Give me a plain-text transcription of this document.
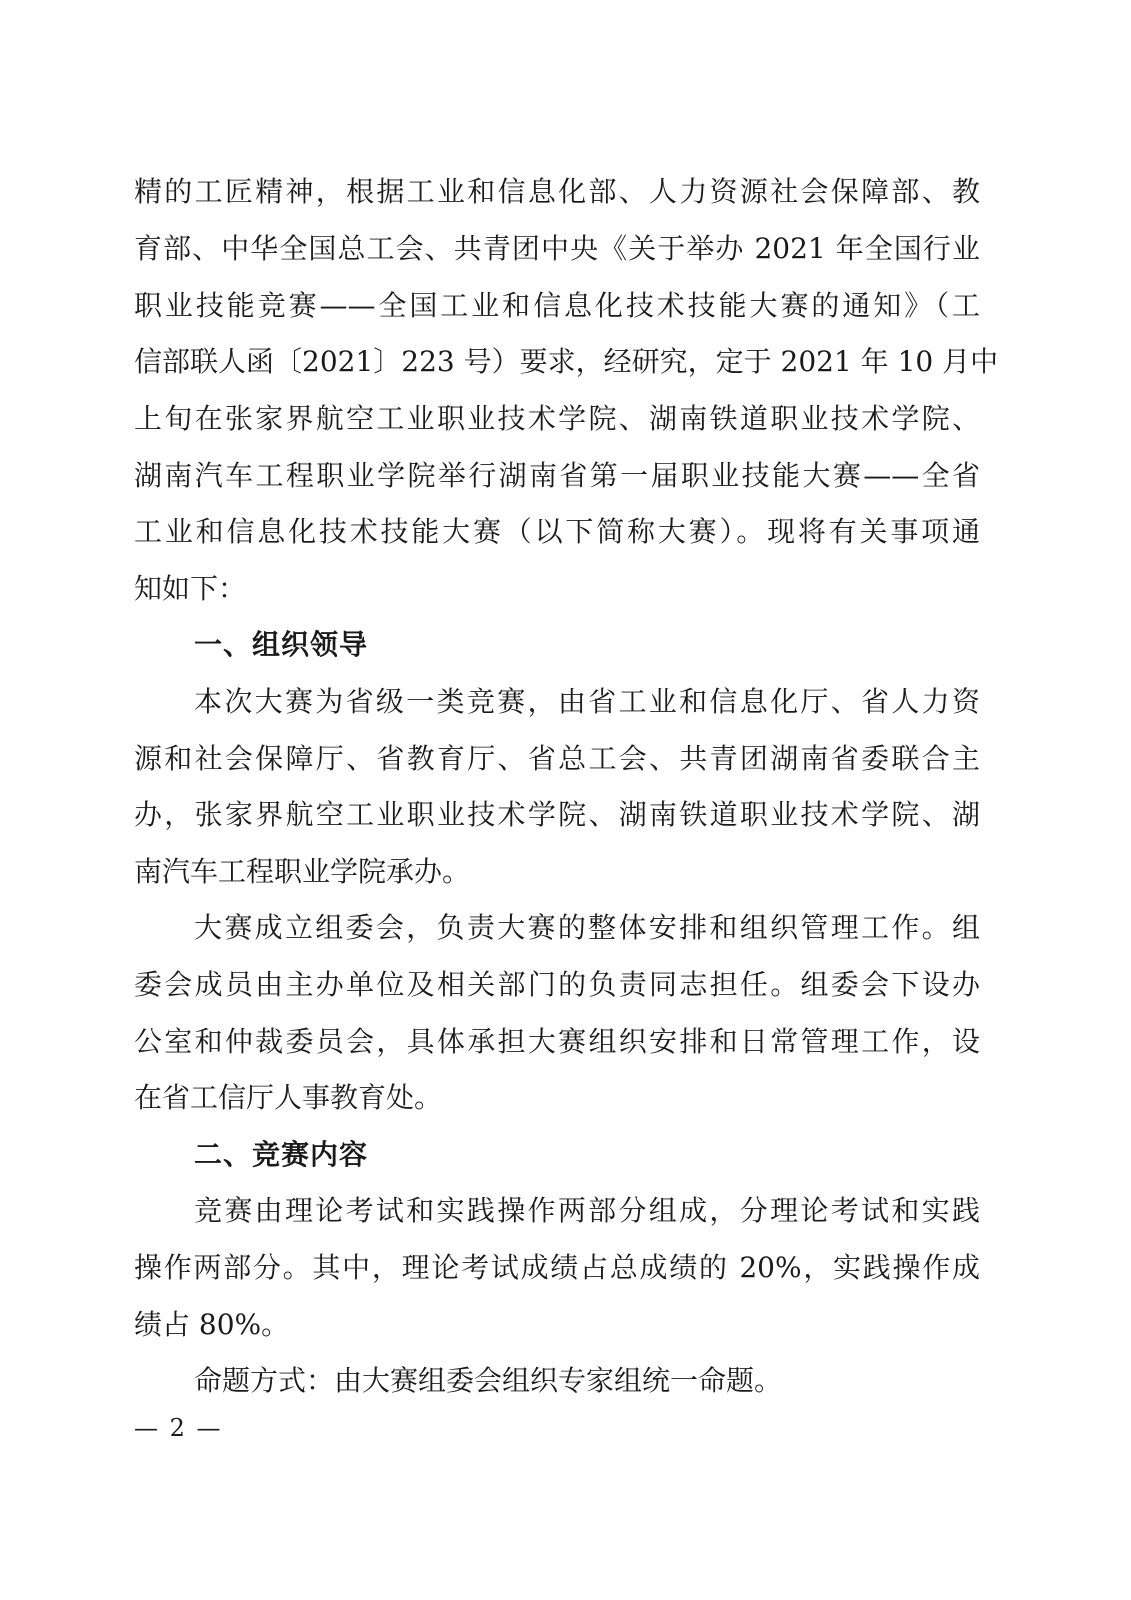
精的工匠精神，根据工业和信息化部、人力资源社会保障部、教
育部、中华全国总工会、共青团中央《关于举办 2021 年全国行业
职业技能竞赛——全国工业和信息化技术技能大赛的通知》（工
信部联人函〔2021〕223 号）要求，经研究，定于 2021 年 10 月中
上旬在张家界航空工业职业技术学院、湖南铁道职业技术学院、
湖南汽车工程职业学院举行湖南省第一届职业技能大赛——全省
工业和信息化技术技能大赛（以下简称大赛）。现将有关事项通
知如下：
一、组织领导
本次大赛为省级一类竞赛，由省工业和信息化厅、省人力资
源和社会保障厅、省教育厅、省总工会、共青团湖南省委联合主
办，张家界航空工业职业技术学院、湖南铁道职业技术学院、湖
南汽车工程职业学院承办。
大赛成立组委会，负责大赛的整体安排和组织管理工作。组
委会成员由主办单位及相关部门的负责同志担任。组委会下设办
公室和仲裁委员会，具体承担大赛组织安排和日常管理工作，设
在省工信厅人事教育处。
二、竞赛内容
竞赛由理论考试和实践操作两部分组成，分理论考试和实践
操作两部分。其中，理论考试成绩占总成绩的 20%，实践操作成
绩占 80%。
命题方式：由大赛组委会组织专家组统一命题。
— 2 —
